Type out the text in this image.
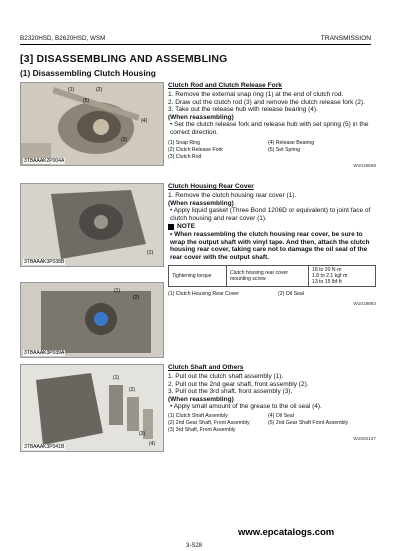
B2320HSD, B2620HSD, WSM	TRANSMISSION
[3] DISASSEMBLING AND ASSEMBLING
(1) Disassembling Clutch Housing
3TBAAAK2P004A
(1)	(2)
(3)
(4)
(5)
3TBAAAK3P038B
(1)
3TBAAAK3P039A
(1)
(2)
3TBAAAK3P041B
(1)
(2)
(3)
(4)
Clutch Rod and Clutch Release Fork
1. Remove the external snap ring (1) at the end of clutch rod.
2. Draw out the clutch rod (3) and remove the clutch release fork (2).
3. Take out the release hub with release bearing (4).
(When reassembling)
• Set the clutch release fork and release hub with set spring (5) in the correct direction.
(1) Snap Ring	(4) Release Bearing
(2) Clutch Release Fork	(5) Set Spring
(3) Clutch Rod
W1019669
Clutch Housing Rear Cover
1. Remove the clutch housing rear cover (1).
(When reassembling)
• Apply liquid gasket (Three Bond 1206D or equivalent) to joint face of clutch housing and rear cover (1).
NOTE
• When reassembling the clutch housing rear cover, be sure to wrap the output shaft with vinyl tape. And then, attach the clutch housing rear cover, taking care not to damage the oil seal of the rear cover with the output shaft.
Tightening torque	Clutch housing rear cover mounting screw	
18 to 20 N·m
1.8 to 2.1 kgf·m
13 to 15 lbf·ft
(1) Clutch Housing Rear Cover	(2) Oil Seal
W1019883
Clutch Shaft and Others
1. Pull out the clutch shaft assembly (1).
2. Pull out the 2nd gear shaft, front assembly (2).
3. Pull out the 3rd shaft, front assembly (3).
(When reassembling)
• Apply small amount of the grease to the oil seal (4).
(1) Clutch Shaft Assembly	(4) Oil Seal
(2) 2nd Gear Shaft, Front Assembly	(5) 2nd Gear Shaft Front Assembly
(3) 3rd Shaft, Front Assembly
W1020137
www.epcatalogs.com
3-S28
